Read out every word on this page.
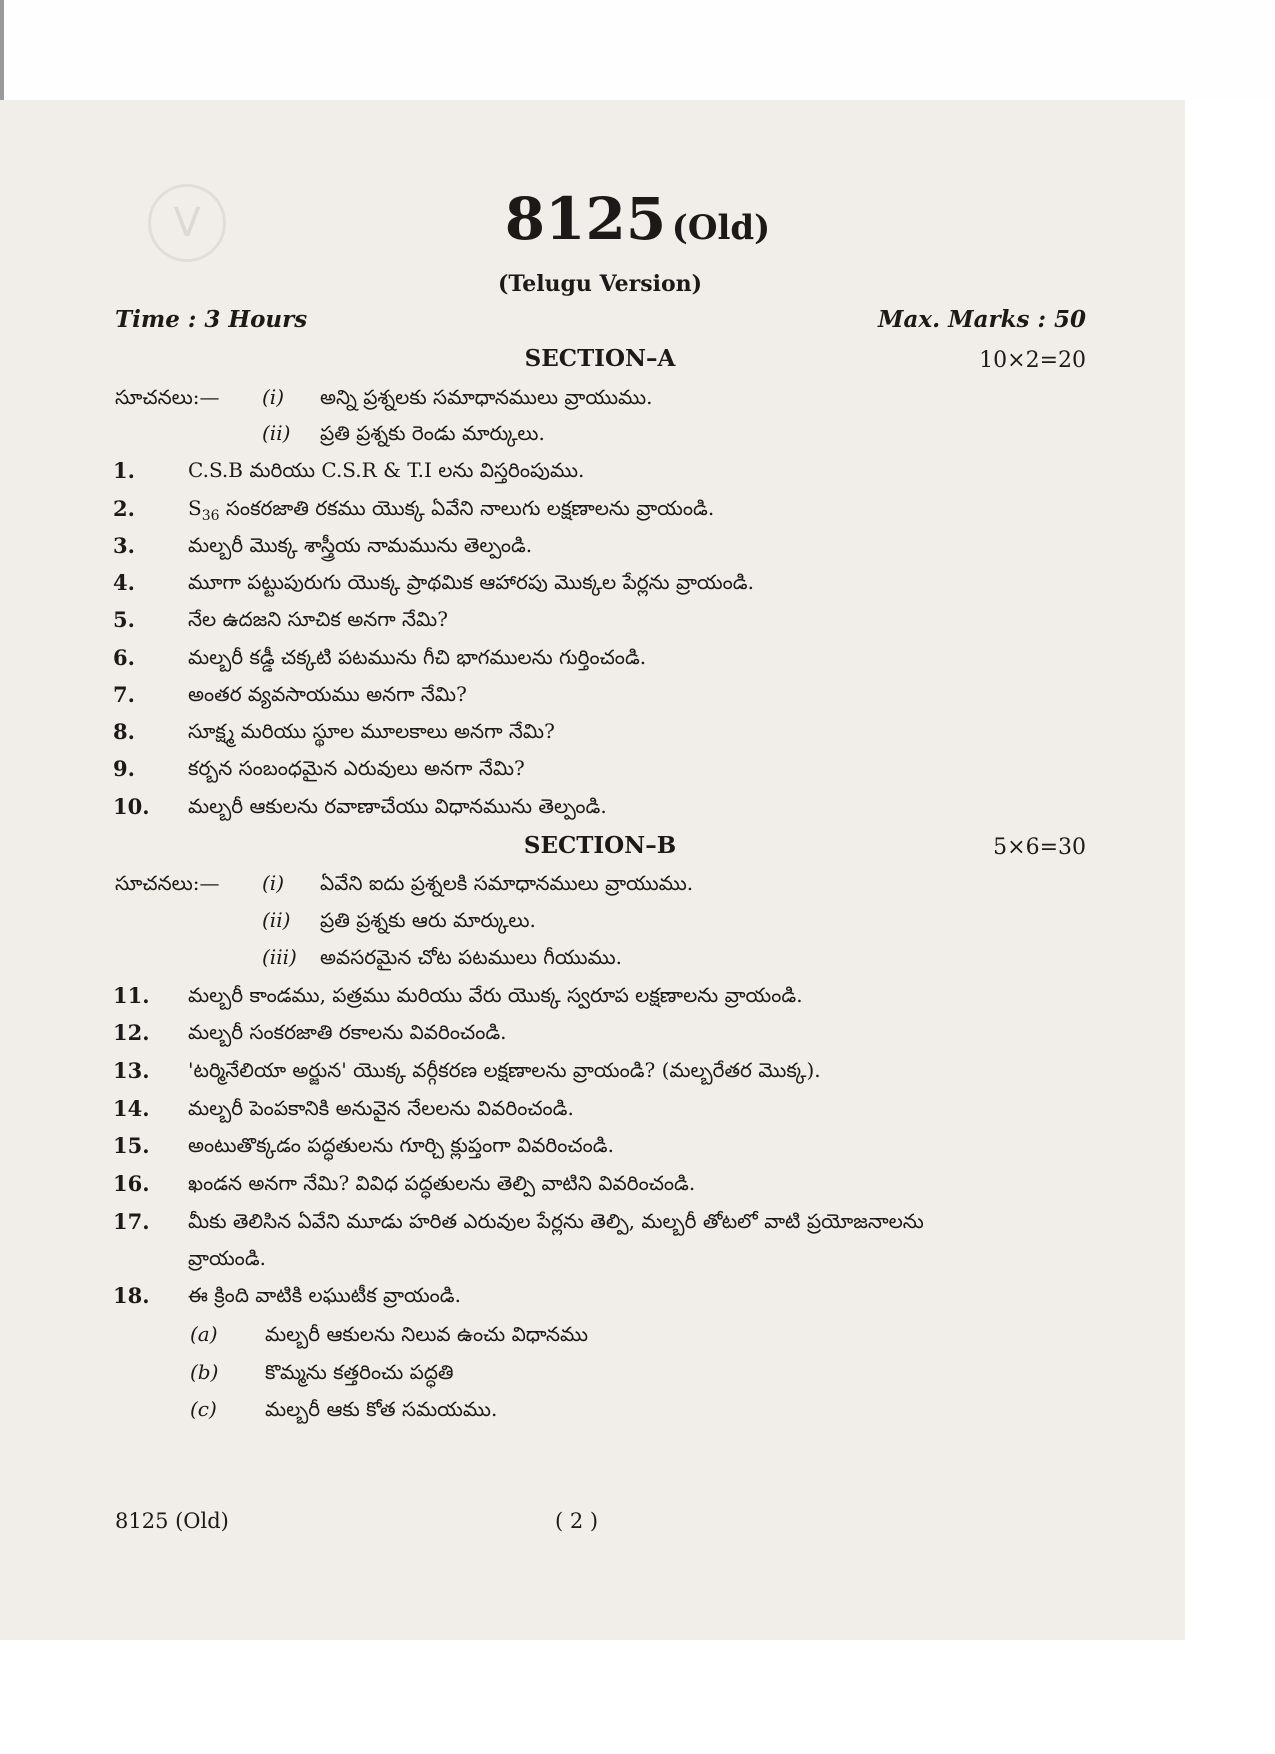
V	8125 (Old)
(Telugu Version)
Time : 3 Hours	Max. Marks : 50
SECTION–A	10×2=20
సూచనలు:— (i) అన్ని ప్రశ్నలకు సమాధానములు వ్రాయుము.
(ii) ప్రతి ప్రశ్నకు రెండు మార్కులు.
1.	C.S.B మరియు C.S.R & T.I లను విస్తరింపుము.
2.	$S_{36}$ సంకరజాతి రకము యొక్క ఏవేని నాలుగు లక్షణాలను వ్రాయండి.
3.	మల్బరీ మొక్క శాస్త్రీయ నామమును తెల్పండి.
4.	మూగా పట్టుపురుగు యొక్క ప్రాథమిక ఆహారపు మొక్కల పేర్లను వ్రాయండి.
5.	నేల ఉదజని సూచిక అనగా నేమి?
6.	మల్బరీ కడ్డీ చక్కటి పటమును గీచి భాగములను గుర్తించండి.
7.	అంతర వ్యవసాయము అనగా నేమి?
8.	సూక్ష్మ మరియు స్థూల మూలకాలు అనగా నేమి?
9.	కర్బన సంబంధమైన ఎరువులు అనగా నేమి?
10.	మల్బరీ ఆకులను రవాణాచేయు విధానమును తెల్పండి.
SECTION–B	5×6=30
సూచనలు:— (i) ఏవేని ఐదు ప్రశ్నలకి సమాధానములు వ్రాయుము.
(ii) ప్రతి ప్రశ్నకు ఆరు మార్కులు.
(iii) అవసరమైన చోట పటములు గీయుము.
11.	మల్బరీ కాండము, పత్రము మరియు వేరు యొక్క స్వరూప లక్షణాలను వ్రాయండి.
12.	మల్బరీ సంకరజాతి రకాలను వివరించండి.
13.	'టర్మినేలియా అర్జున' యొక్క వర్గీకరణ లక్షణాలను వ్రాయండి? (మల్బరేతర మొక్క).
14.	మల్బరీ పెంపకానికి అనువైన నేలలను వివరించండి.
15.	అంటుతొక్కడం పద్ధతులను గూర్చి క్లుప్తంగా వివరించండి.
16.	ఖండన అనగా నేమి? వివిధ పద్ధతులను తెల్పి వాటిని వివరించండి.
17.	మీకు తెలిసిన ఏవేని మూడు హరిత ఎరువుల పేర్లను తెల్పి, మల్బరీ తోటలో వాటి ప్రయోజనాలను
వ్రాయండి.
18.	ఈ క్రింది వాటికి లఘుటీక వ్రాయండి.
(a) మల్బరీ ఆకులను నిలువ ఉంచు విధానము
(b) కొమ్మను కత్తరించు పద్ధతి
(c) మల్బరీ ఆకు కోత సమయము.
8125 (Old)	( 2 )
